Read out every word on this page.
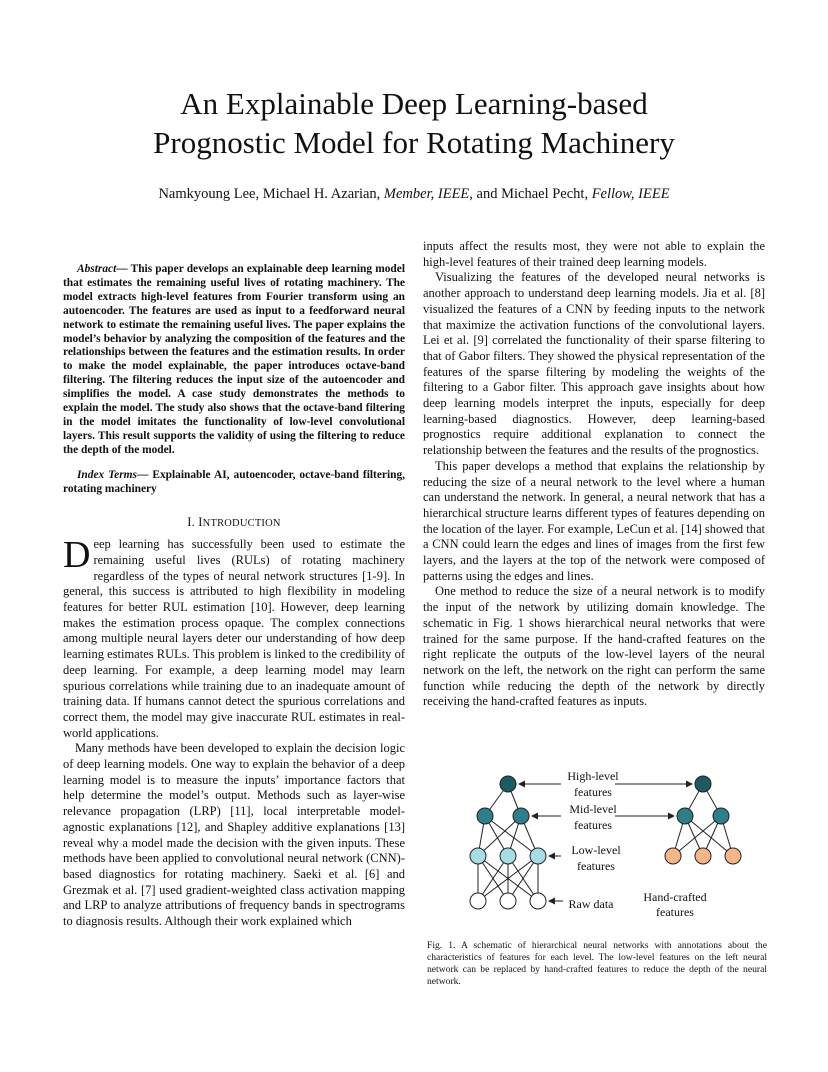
An Explainable Deep Learning-based
Prognostic Model for Rotating Machinery
Namkyoung Lee, Michael H. Azarian, Member, IEEE, and Michael Pecht, Fellow, IEEE

Abstract— This paper develops an explainable deep learning model that estimates the remaining useful lives of rotating machinery. The model extracts high-level features from Fourier transform using an autoencoder. The features are used as input to a feedforward neural network to estimate the remaining useful lives. The paper explains the model’s behavior by analyzing the composition of the features and the relationships between the features and the estimation results. In order to make the model explainable, the paper introduces octave-band filtering. The filtering reduces the input size of the autoencoder and simplifies the model. A case study demonstrates the methods to explain the model. The study also shows that the octave-band filtering in the model imitates the functionality of low-level convolutional layers. This result supports the validity of using the filtering to reduce the depth of the model.

Index Terms— Explainable AI, autoencoder, octave-band filtering, rotating machinery

I. INTRODUCTION

Deep learning has successfully been used to estimate the remaining useful lives (RULs) of rotating machinery regardless of the types of neural network structures [1-9]. In general, this success is attributed to high flexibility in modeling features for better RUL estimation [10]. However, deep learning makes the estimation process opaque. The complex connections among multiple neural layers deter our understanding of how deep learning estimates RULs. This problem is linked to the credibility of deep learning. For example, a deep learning model may learn spurious correlations while training due to an inadequate amount of training data. If humans cannot detect the spurious correlations and correct them, the model may give inaccurate RUL estimates in real-world applications.

Many methods have been developed to explain the decision logic of deep learning models. One way to explain the behavior of a deep learning model is to measure the inputs’ importance factors that help determine the model’s output. Methods such as layer-wise relevance propagation (LRP) [11], local interpretable model-agnostic explanations [12], and Shapley additive explanations [13] reveal why a model made the decision with the given inputs. These methods have been applied to convolutional neural network (CNN)-based diagnostics for rotating machinery. Saeki et al. [6] and Grezmak et al. [7] used gradient-weighted class activation mapping and LRP to analyze attributions of frequency bands in spectrograms to diagnosis results. Although their work explained which

inputs affect the results most, they were not able to explain the high-level features of their trained deep learning models.

Visualizing the features of the developed neural networks is another approach to understand deep learning models. Jia et al. [8] visualized the features of a CNN by feeding inputs to the network that maximize the activation functions of the convolutional layers. Lei et al. [9] correlated the functionality of their sparse filtering to that of Gabor filters. They showed the physical representation of the features of the sparse filtering by modeling the weights of the filtering to a Gabor filter. This approach gave insights about how deep learning models interpret the inputs, especially for deep learning-based diagnostics. However, deep learning-based prognostics require additional explanation to connect the relationship between the features and the results of the prognostics.

This paper develops a method that explains the relationship by reducing the size of a neural network to the level where a human can understand the network. In general, a neural network that has a hierarchical structure learns different types of features depending on the location of the layer. For example, LeCun et al. [14] showed that a CNN could learn the edges and lines of images from the first few layers, and the layers at the top of the network were composed of patterns using the edges and lines.

One method to reduce the size of a neural network is to modify the input of the network by utilizing domain knowledge. The schematic in Fig. 1 shows hierarchical neural networks that were trained for the same purpose. If the hand-crafted features on the right replicate the outputs of the low-level layers of the neural network on the left, the network on the right can perform the same function while reducing the depth of the network by directly receiving the hand-crafted features as inputs.

High-level
features
Mid-level
features
Low-level
features
Raw data Hand-crafted
features

Fig. 1. A schematic of hierarchical neural networks with annotations about the characteristics of features for each level. The low-level features on the left neural network can be replaced by hand-crafted features to reduce the depth of the neural network.
